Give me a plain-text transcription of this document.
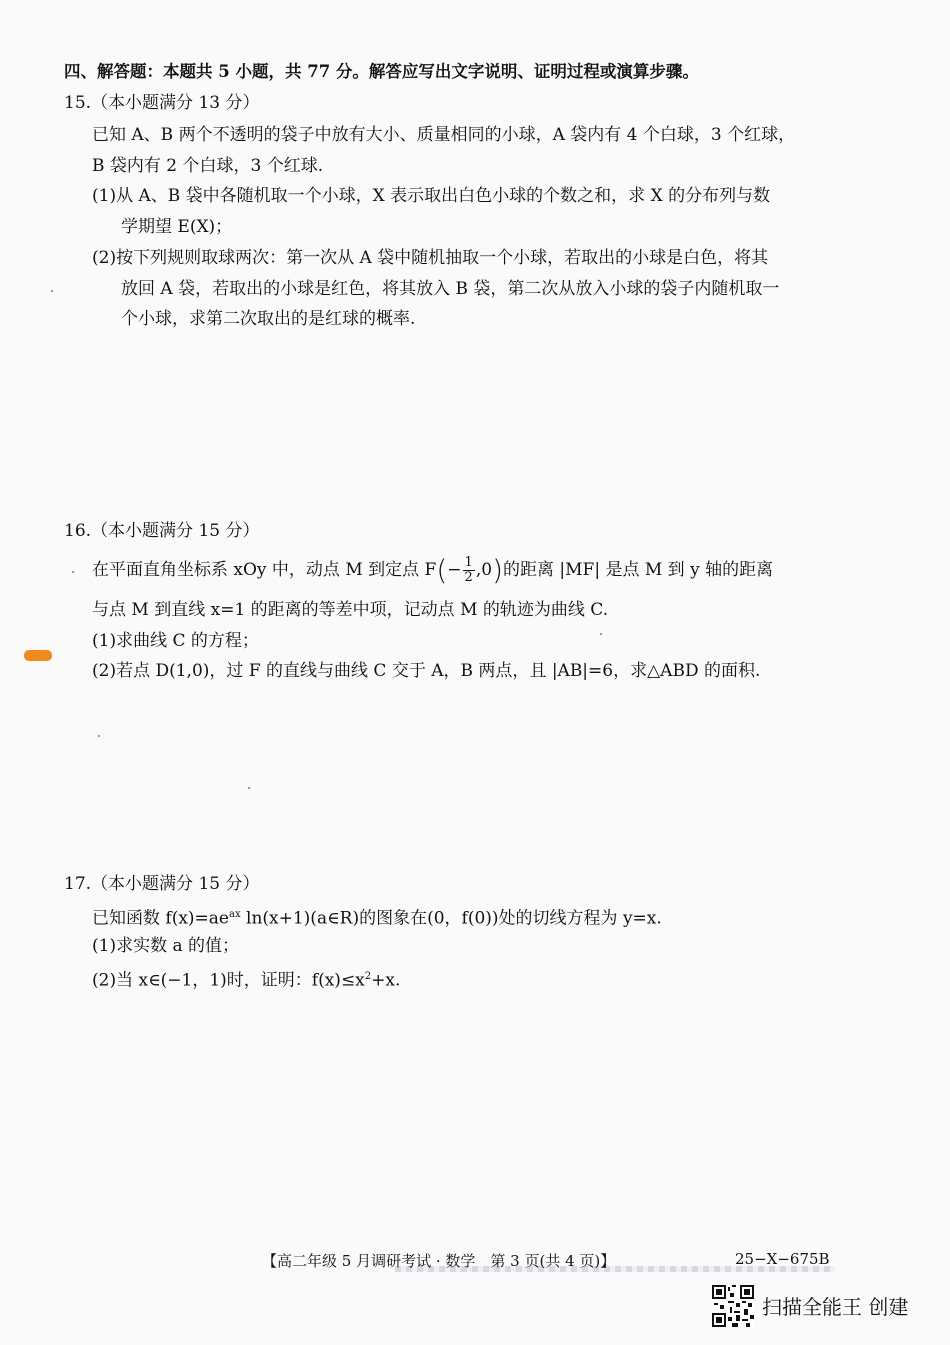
四、解答题：本题共 5 小题，共 77 分。解答应写出文字说明、证明过程或演算步骤。
15.（本小题满分 13 分）
已知 A、B 两个不透明的袋子中放有大小、质量相同的小球，A 袋内有 4 个白球，3 个红球，
B 袋内有 2 个白球，3 个红球.
(1)从 A、B 袋中各随机取一个小球，X 表示取出白色小球的个数之和，求 X 的分布列与数
学期望 E(X)；
(2)按下列规则取球两次：第一次从 A 袋中随机抽取一个小球，若取出的小球是白色，将其
放回 A 袋，若取出的小球是红色，将其放入 B 袋，第二次从放入小球的袋子内随机取一
个小球，求第二次取出的是红球的概率.
16.（本小题满分 15 分）
在平面直角坐标系 xOy 中，动点 M 到定点 $F(- \frac{1}{2} ,0)$的距离 |MF| 是点 M 到 y 轴的距离
与点 M 到直线 x=1 的距离的等差中项，记动点 M 的轨迹为曲线 C.
(1)求曲线 C 的方程；
(2)若点 D(1,0)，过 F 的直线与曲线 C 交于 A，B 两点，且 |AB|=6，求△ABD 的面积.
17.（本小题满分 15 分）
已知函数 $f(x)=ae^{ax}$ ln(x+1)(a∈R)的图象在(0，f(0))处的切线方程为 y=x.
(1)求实数 a 的值；
(2)当 x∈(−1，1)时，证明：$f(x)\le x^2+x$.
【高二年级 5 月调研考试 · 数学　第 3 页(共 4 页)】	25−X−675B
扫描全能王 创建
